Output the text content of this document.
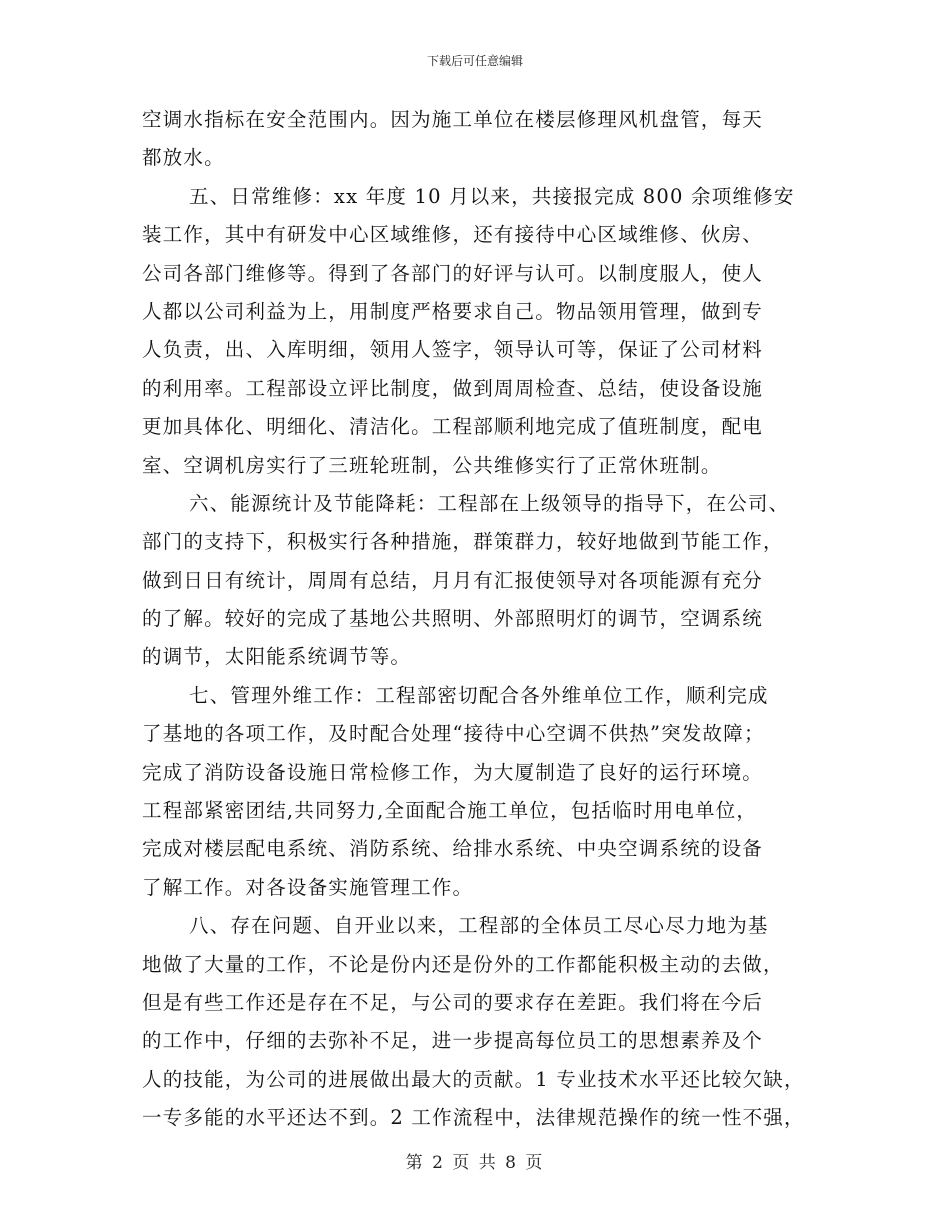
下载后可任意编辑
空调水指标在安全范围内。因为施工单位在楼层修理风机盘管，每天
都放水。
五、日常维修：xx 年度 10 月以来，共接报完成 800 余项维修安
装工作，其中有研发中心区域维修，还有接待中心区域维修、伙房、
公司各部门维修等。得到了各部门的好评与认可。以制度服人，使人
人都以公司利益为上，用制度严格要求自己。物品领用管理，做到专
人负责，出、入库明细，领用人签字，领导认可等，保证了公司材料
的利用率。工程部设立评比制度，做到周周检查、总结，使设备设施
更加具体化、明细化、清洁化。工程部顺利地完成了值班制度，配电
室、空调机房实行了三班轮班制，公共维修实行了正常休班制。
六、能源统计及节能降耗：工程部在上级领导的指导下，在公司、
部门的支持下，积极实行各种措施，群策群力，较好地做到节能工作，
做到日日有统计，周周有总结，月月有汇报使领导对各项能源有充分
的了解。较好的完成了基地公共照明、外部照明灯的调节，空调系统
的调节，太阳能系统调节等。
七、管理外维工作：工程部密切配合各外维单位工作，顺利完成
了基地的各项工作，及时配合处理“接待中心空调不供热”突发故障；
完成了消防设备设施日常检修工作，为大厦制造了良好的运行环境。
工程部紧密团结,共同努力,全面配合施工单位，包括临时用电单位，
完成对楼层配电系统、消防系统、给排水系统、中央空调系统的设备
了解工作。对各设备实施管理工作。
八、存在问题、自开业以来，工程部的全体员工尽心尽力地为基
地做了大量的工作，不论是份内还是份外的工作都能积极主动的去做，
但是有些工作还是存在不足，与公司的要求存在差距。我们将在今后
的工作中，仔细的去弥补不足，进一步提高每位员工的思想素养及个
人的技能，为公司的进展做出最大的贡献。1 专业技术水平还比较欠缺，
一专多能的水平还达不到。2 工作流程中，法律规范操作的统一性不强，
第 2 页 共 8 页
